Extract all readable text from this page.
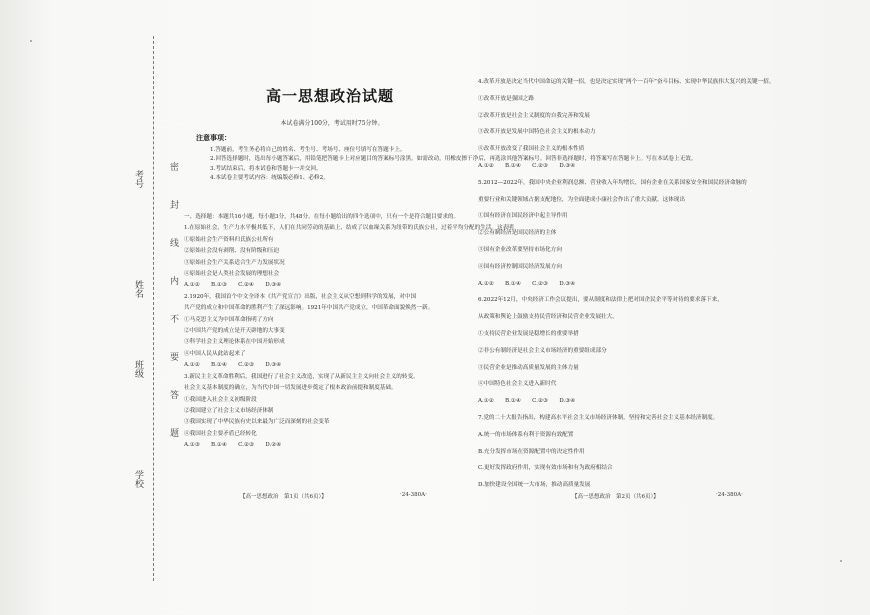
考号
姓名
班级
学校
密
封
线
内
不
要
答
题
高一思想政治试题
本试卷满分100分，考试用时75分钟。
注意事项：
1.答题前，考生务必将自己的姓名、考生号、考场号、座位号填写在答题卡上。
2.回答选择题时，选出每小题答案后，用铅笔把答题卡上对应题目的答案标号涂黑。如需改动，用橡皮擦干净后，再选涂其他答案标号。回答非选择题时，将答案写在答题卡上。写在本试卷上无效。
3.考试结束后，将本试卷和答题卡一并交回。
4.本试卷主要考试内容：统编版必修1、必修2。
一、选择题：本题共16小题，每小题3分，共48分。在每小题给出的四个选项中，只有一个是符合题目要求的。
1.在原始社会，生产力水平极其低下，人们在共同劳动的基础上，结成了以血缘关系为纽带的氏族公社，过着平均分配的生活。这表明
①原始社会生产资料归氏族公社所有
②原始社会没有剥削、没有阶级和压迫
③原始社会生产关系适合生产力发展状况
④原始社会是人类社会发展的理想社会
A.①②　　B.①③　　C.②④　　D.③④
2.1920年，我国首个中文全译本《共产党宣言》出版，社会主义从空想到科学的发展，对中国
共产党的成立和中国革命的胜利产生了深远影响。1921年中国共产党成立，中国革命面貌焕然一新。
①马克思主义为中国革命指明了方向
②中国共产党的成立是开天辟地的大事变
③科学社会主义理论体系在中国开始形成
④中国人民从此站起来了
A.①②　　B.①④　　C.②③　　D.③④
3.新民主主义革命胜利后，我国进行了社会主义改造，实现了从新民主主义向社会主义的转变。
社会主义基本制度的确立，为当代中国一切发展进步奠定了根本政治前提和制度基础。
①我国进入社会主义初级阶段
②我国建立了社会主义市场经济体制
③我国实现了中华民族有史以来最为广泛而深刻的社会变革
④我国社会主要矛盾已经转化
A.①③　　B.①④　　C.②③　　D.②④
4.改革开放是决定当代中国命运的关键一招，也是决定实现“两个一百年”奋斗目标、实现中华民族伟大复兴的关键一招。
①改革开放是强国之路
②改革开放是社会主义制度的自我完善和发展
③改革开放是发展中国特色社会主义的根本动力
④改革开放改变了我国社会主义的根本性质
A.①②　　B.①④　　C.②③　　D.③④
5.2012—2022年，我国中央企业利润总额、营业收入年均增长，国有企业在关系国家安全和国民经济命脉的
重要行业和关键领域占据支配地位，为全面建成小康社会作出了重大贡献。这体现出
①国有经济在国民经济中起主导作用
②公有制经济是国民经济的主体
③国有企业改革要坚持市场化方向
④国有经济控制国民经济发展方向
A.①②　　B.①④　　C.②③　　D.③④
6.2022年12月，中央经济工作会议提出，要从制度和法律上把对国企民企平等对待的要求落下来，
从政策和舆论上鼓励支持民营经济和民营企业发展壮大。
①支持民营企业发展是稳增长的重要举措
②非公有制经济是社会主义市场经济的重要组成部分
③民营企业是推动高质量发展的主体力量
④中国特色社会主义进入新时代
A.①②　　B.①④　　C.②③　　D.③④
7.党的二十大报告指出，构建高水平社会主义市场经济体制，坚持和完善社会主义基本经济制度。
A.统一的市场体系有利于资源有效配置
B.充分发挥市场在资源配置中的决定性作用
C.更好发挥政府作用，实现有效市场和有为政府相结合
D.加快建设全国统一大市场，推动高质量发展
【高一思想政治　第1页（共6页）】	·24-380A·	【高一思想政治　第2页（共6页）】	·24-380A·
